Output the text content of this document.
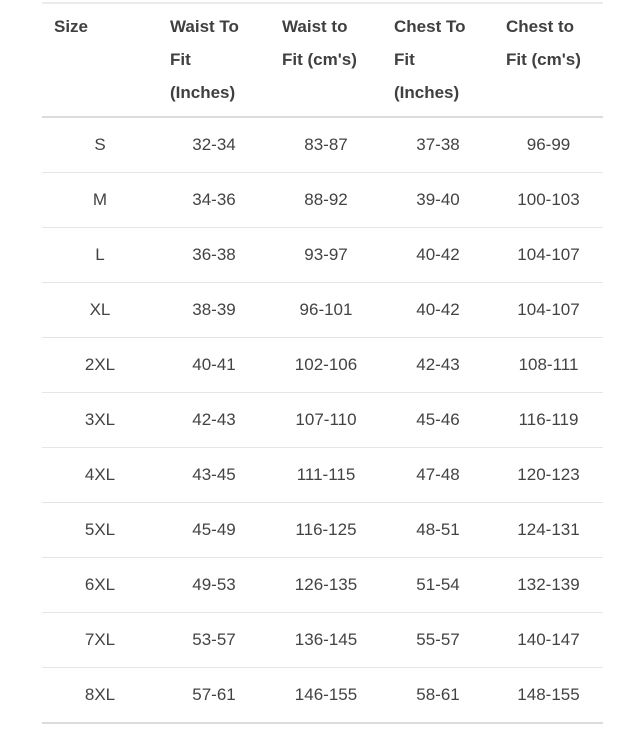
Size	Waist To Fit (Inches)	Waist to Fit (cm's)	Chest To Fit (Inches)	Chest to Fit (cm's)
S	32-34	83-87	37-38	96-99
M	34-36	88-92	39-40	100-103
L	36-38	93-97	40-42	104-107
XL	38-39	96-101	40-42	104-107
2XL	40-41	102-106	42-43	108-111
3XL	42-43	107-110	45-46	116-119
4XL	43-45	111-115	47-48	120-123
5XL	45-49	116-125	48-51	124-131
6XL	49-53	126-135	51-54	132-139
7XL	53-57	136-145	55-57	140-147
8XL	57-61	146-155	58-61	148-155
